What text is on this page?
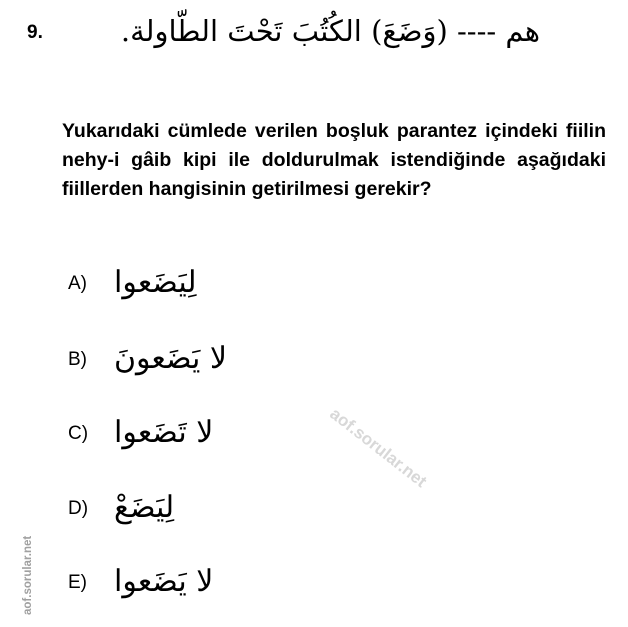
9.	هم ---- (وَضَعَ) الكُتُبَ تَحْتَ الطّاولة.
Yukarıdaki cümlede verilen boşluk parantez içindeki fiilin nehy-i gâib kipi ile doldurulmak istendiğinde aşağıdaki fiillerden hangisinin getirilmesi gerekir?
A) لِيَضَعوا
B) لا يَضَعونَ
C) لا تَضَعوا
D) لِيَضَعْ
E) لا يَضَعوا
aof.sorular.net
aof.sorular.net
